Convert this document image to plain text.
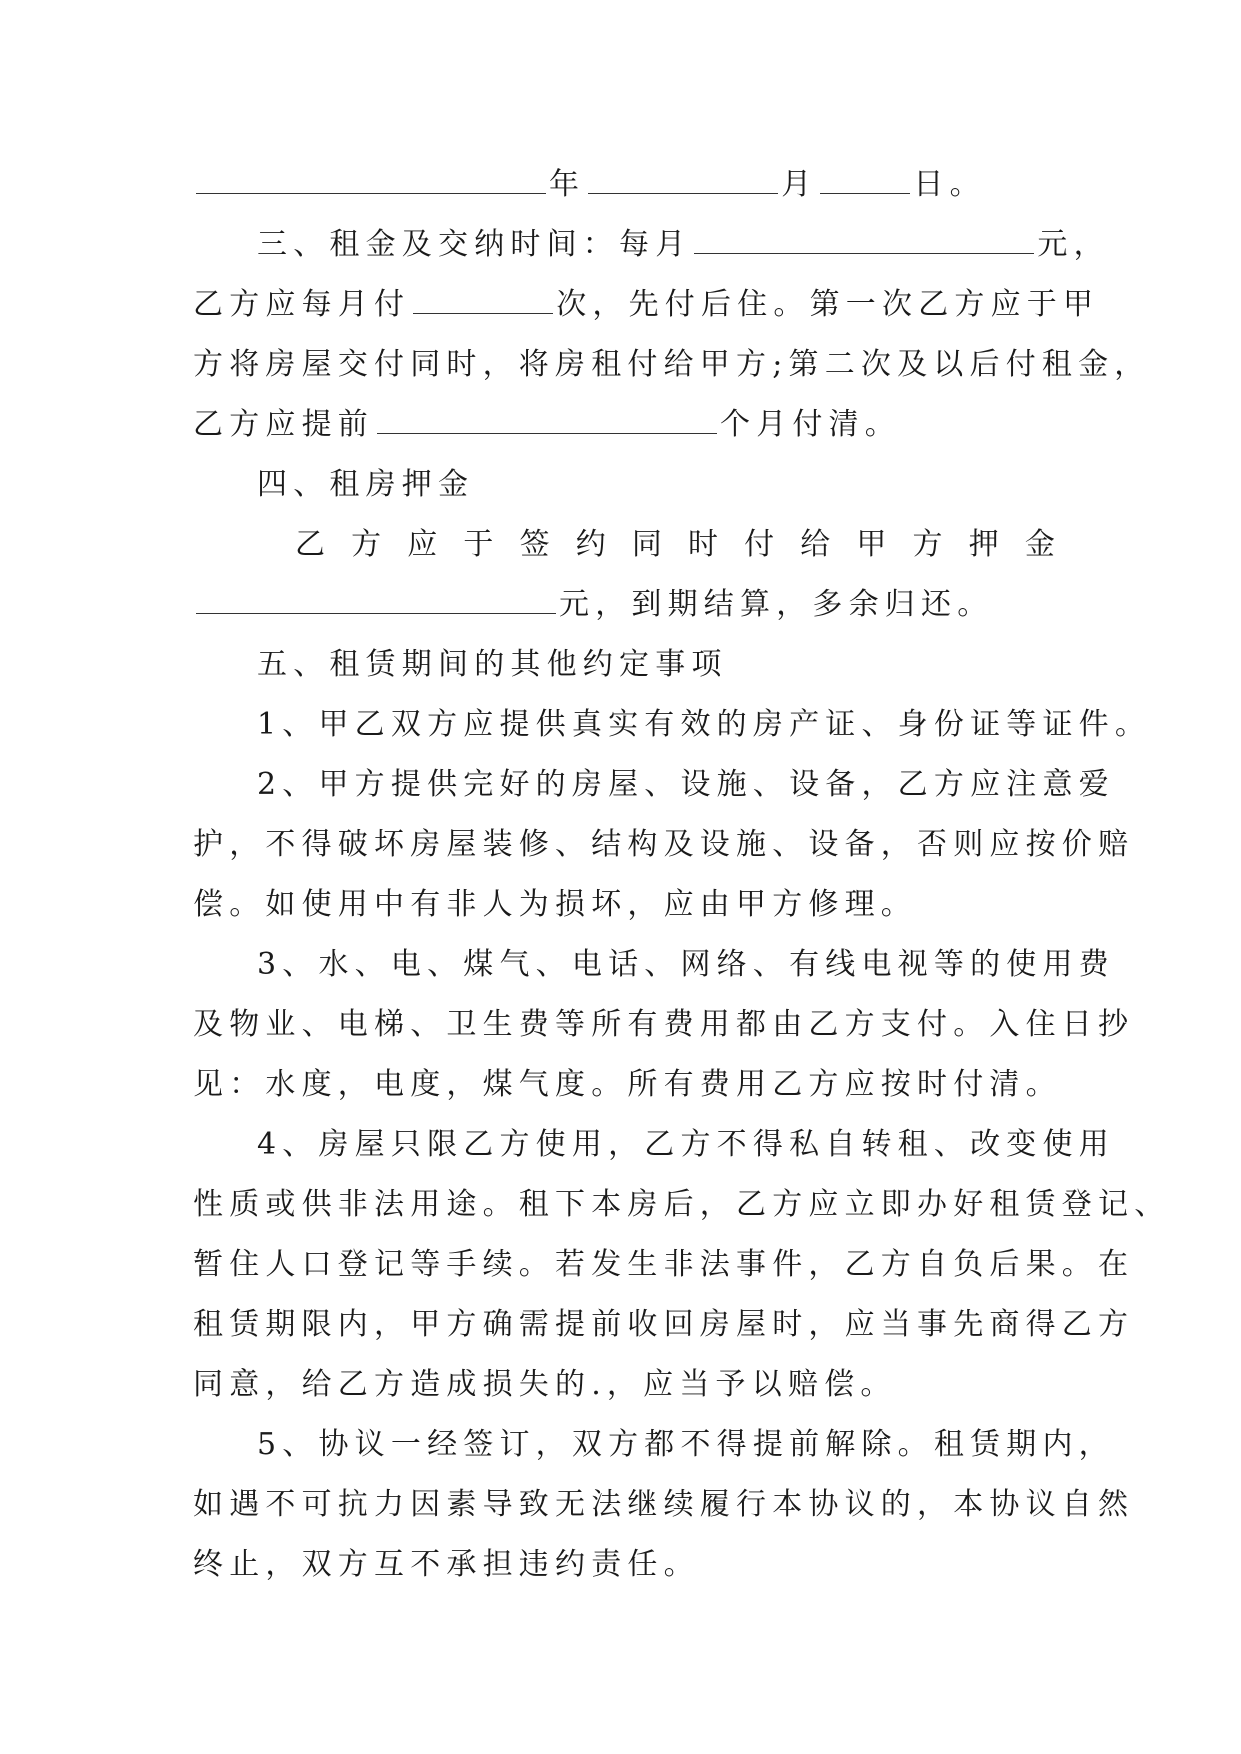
年	月	日。
三、租金及交纳时间：每月	元，
乙方应每月付	次，先付后住。第一次乙方应于甲
方将房屋交付同时，将房租付给甲方;第二次及以后付租金，
乙方应提前	个月付清。
四、租房押金
乙 方 应 于 签 约 同 时 付 给 甲 方 押 金
元，到期结算，多余归还。
五、租赁期间的其他约定事项
1、甲乙双方应提供真实有效的房产证、身份证等证件。
2、甲方提供完好的房屋、设施、设备，乙方应注意爱
护，不得破坏房屋装修、结构及设施、设备，否则应按价赔
偿。如使用中有非人为损坏，应由甲方修理。
3、水、电、煤气、电话、网络、有线电视等的使用费
及物业、电梯、卫生费等所有费用都由乙方支付。入住日抄
见：水度，电度，煤气度。所有费用乙方应按时付清。
4、房屋只限乙方使用，乙方不得私自转租、改变使用
性质或供非法用途。租下本房后，乙方应立即办好租赁登记、
暂住人口登记等手续。若发生非法事件，乙方自负后果。在
租赁期限内，甲方确需提前收回房屋时，应当事先商得乙方
同意，给乙方造成损失的.，应当予以赔偿。
5、协议一经签订，双方都不得提前解除。租赁期内，
如遇不可抗力因素导致无法继续履行本协议的，本协议自然
终止，双方互不承担违约责任。
